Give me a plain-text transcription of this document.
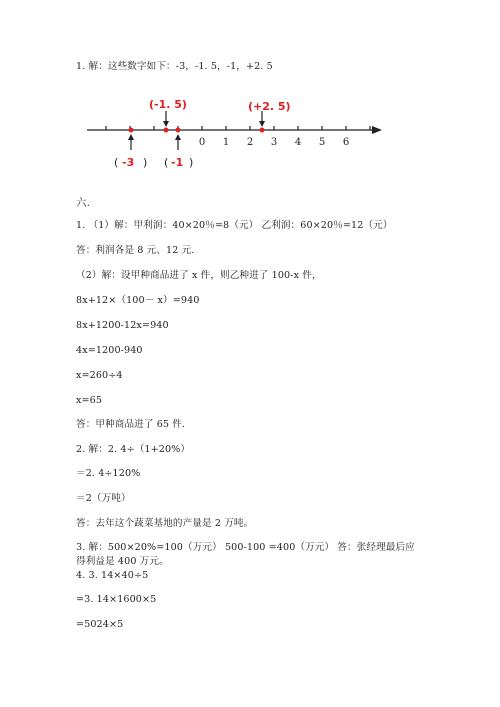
1. 解：这些数字如下：-3，-1. 5，-1，+2. 5
0 1 2 3 4 5 6
(-1. 5)	(+2. 5)
( -3 ) ( -1 )
六.
1. （1）解：甲利润：40×20％=8（元） 乙利润：60×20％=12（元）
答：利润各是 8 元、12 元.
（2）解：设甲种商品进了 x 件，则乙种进了 100-x 件，
8x+12×（100－ x）=940
8x+1200-12x=940
4x=1200-940
x=260÷4
x=65
答：甲种商品进了 65 件.
2. 解：2. 4÷（1+20%）
＝2. 4÷120%
＝2（万吨）
答：去年这个蔬菜基地的产量是 2 万吨。
3. 解：500×20%=100（万元） 500-100 =400（万元） 答：张经理最后应
得利益是 400 万元。
4. 3. 14×40÷5
=3. 14×1600×5
=5024×5
